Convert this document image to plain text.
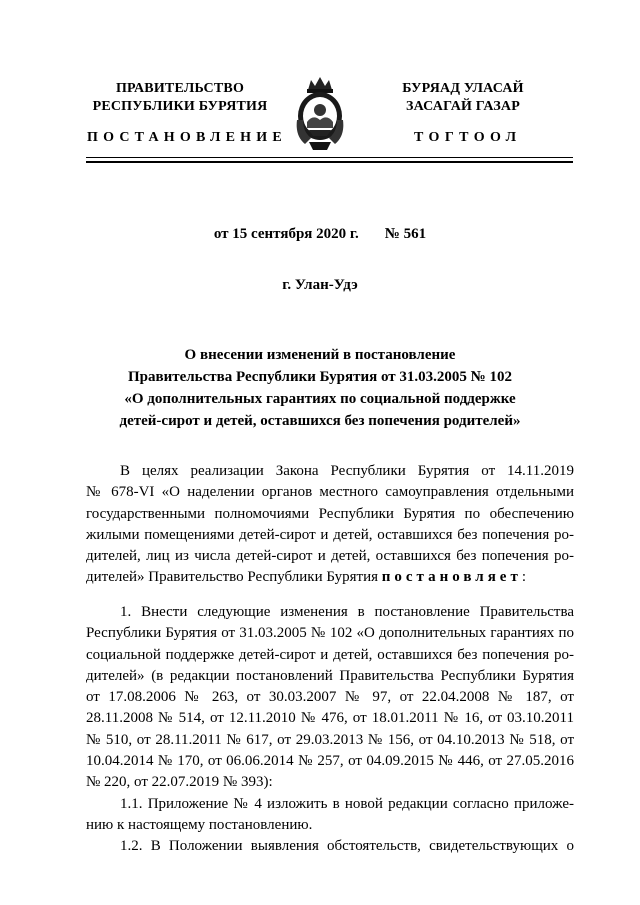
ПРАВИТЕЛЬСТВО
РЕСПУБЛИКИ БУРЯТИЯ
БУРЯАД УЛАСАЙ
ЗАСАГАЙ ГАЗАР
ПОСТАНОВЛЕНИЕ	ТОГТООЛ
от 15 сентября 2020 г. № 561
г. Улан-Удэ
О внесении изменений в постановление
Правительства Республики Бурятия от 31.03.2005 № 102
«О дополнительных гарантиях по социальной поддержке
детей-сирот и детей, оставшихся без попечения родителей»
В целях реализации Закона Республики Бурятия от 14.11.2019
№ 678-VI «О наделении органов местного самоуправления отдельными
государственными полномочиями Республики Бурятия по обеспечению
жилыми помещениями детей-сирот и детей, оставшихся без попечения ро-
дителей, лиц из числа детей-сирот и детей, оставшихся без попечения ро-
дителей» Правительство Республики Бурятия постановляет:
1. Внести следующие изменения в постановление Правительства
Республики Бурятия от 31.03.2005 № 102 «О дополнительных гарантиях по
социальной поддержке детей-сирот и детей, оставшихся без попечения ро-
дителей» (в редакции постановлений Правительства Республики Бурятия
от 17.08.2006 № 263, от 30.03.2007 № 97, от 22.04.2008 № 187, от
28.11.2008 № 514, от 12.11.2010 № 476, от 18.01.2011 № 16, от 03.10.2011
№ 510, от 28.11.2011 № 617, от 29.03.2013 № 156, от 04.10.2013 № 518, от
10.04.2014 № 170, от 06.06.2014 № 257, от 04.09.2015 № 446, от 27.05.2016
№ 220, от 22.07.2019 № 393):
1.1. Приложение № 4 изложить в новой редакции согласно приложе-
нию к настоящему постановлению.
1.2. В Положении выявления обстоятельств, свидетельствующих о
